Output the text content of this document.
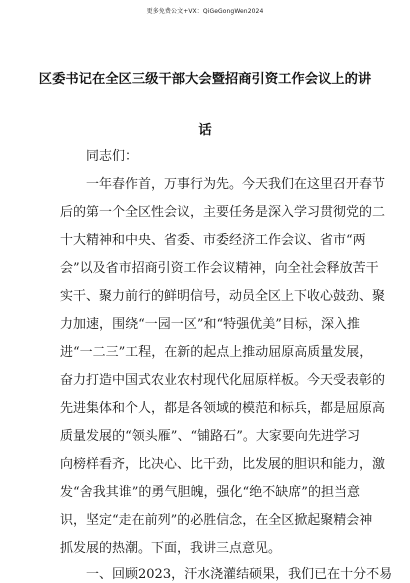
更多免费公文+VX：QiGeGongWen2024
区委书记在全区三级干部大会暨招商引资工作会议上的讲
话
同志们：
一年春作首，万事行为先。今天我们在这里召开春节
后的第一个全区性会议，主要任务是深入学习贯彻党的二
十大精神和中央、省委、市委经济工作会议、省市“两
会”以及省市招商引资工作会议精神，向全社会释放苦干
实干、聚力前行的鲜明信号，动员全区上下收心鼓劲、聚
力加速，围绕“一园一区”和“特强优美”目标，深入推
进“一二三”工程，在新的起点上推动屈原高质量发展，
奋力打造中国式农业农村现代化屈原样板。今天受表彰的
先进集体和个人，都是各领域的模范和标兵，都是屈原高
质量发展的“领头雁”、“铺路石”。大家要向先进学习
向榜样看齐，比决心、比干劲，比发展的胆识和能力，激
发“舍我其谁”的勇气胆魄，强化“绝不缺席”的担当意
识，坚定“走在前列”的必胜信念，在全区掀起聚精会神
抓发展的热潮。下面，我讲三点意见。
一、回顾2023，汗水浇灌结硕果，我们已在十分不易
